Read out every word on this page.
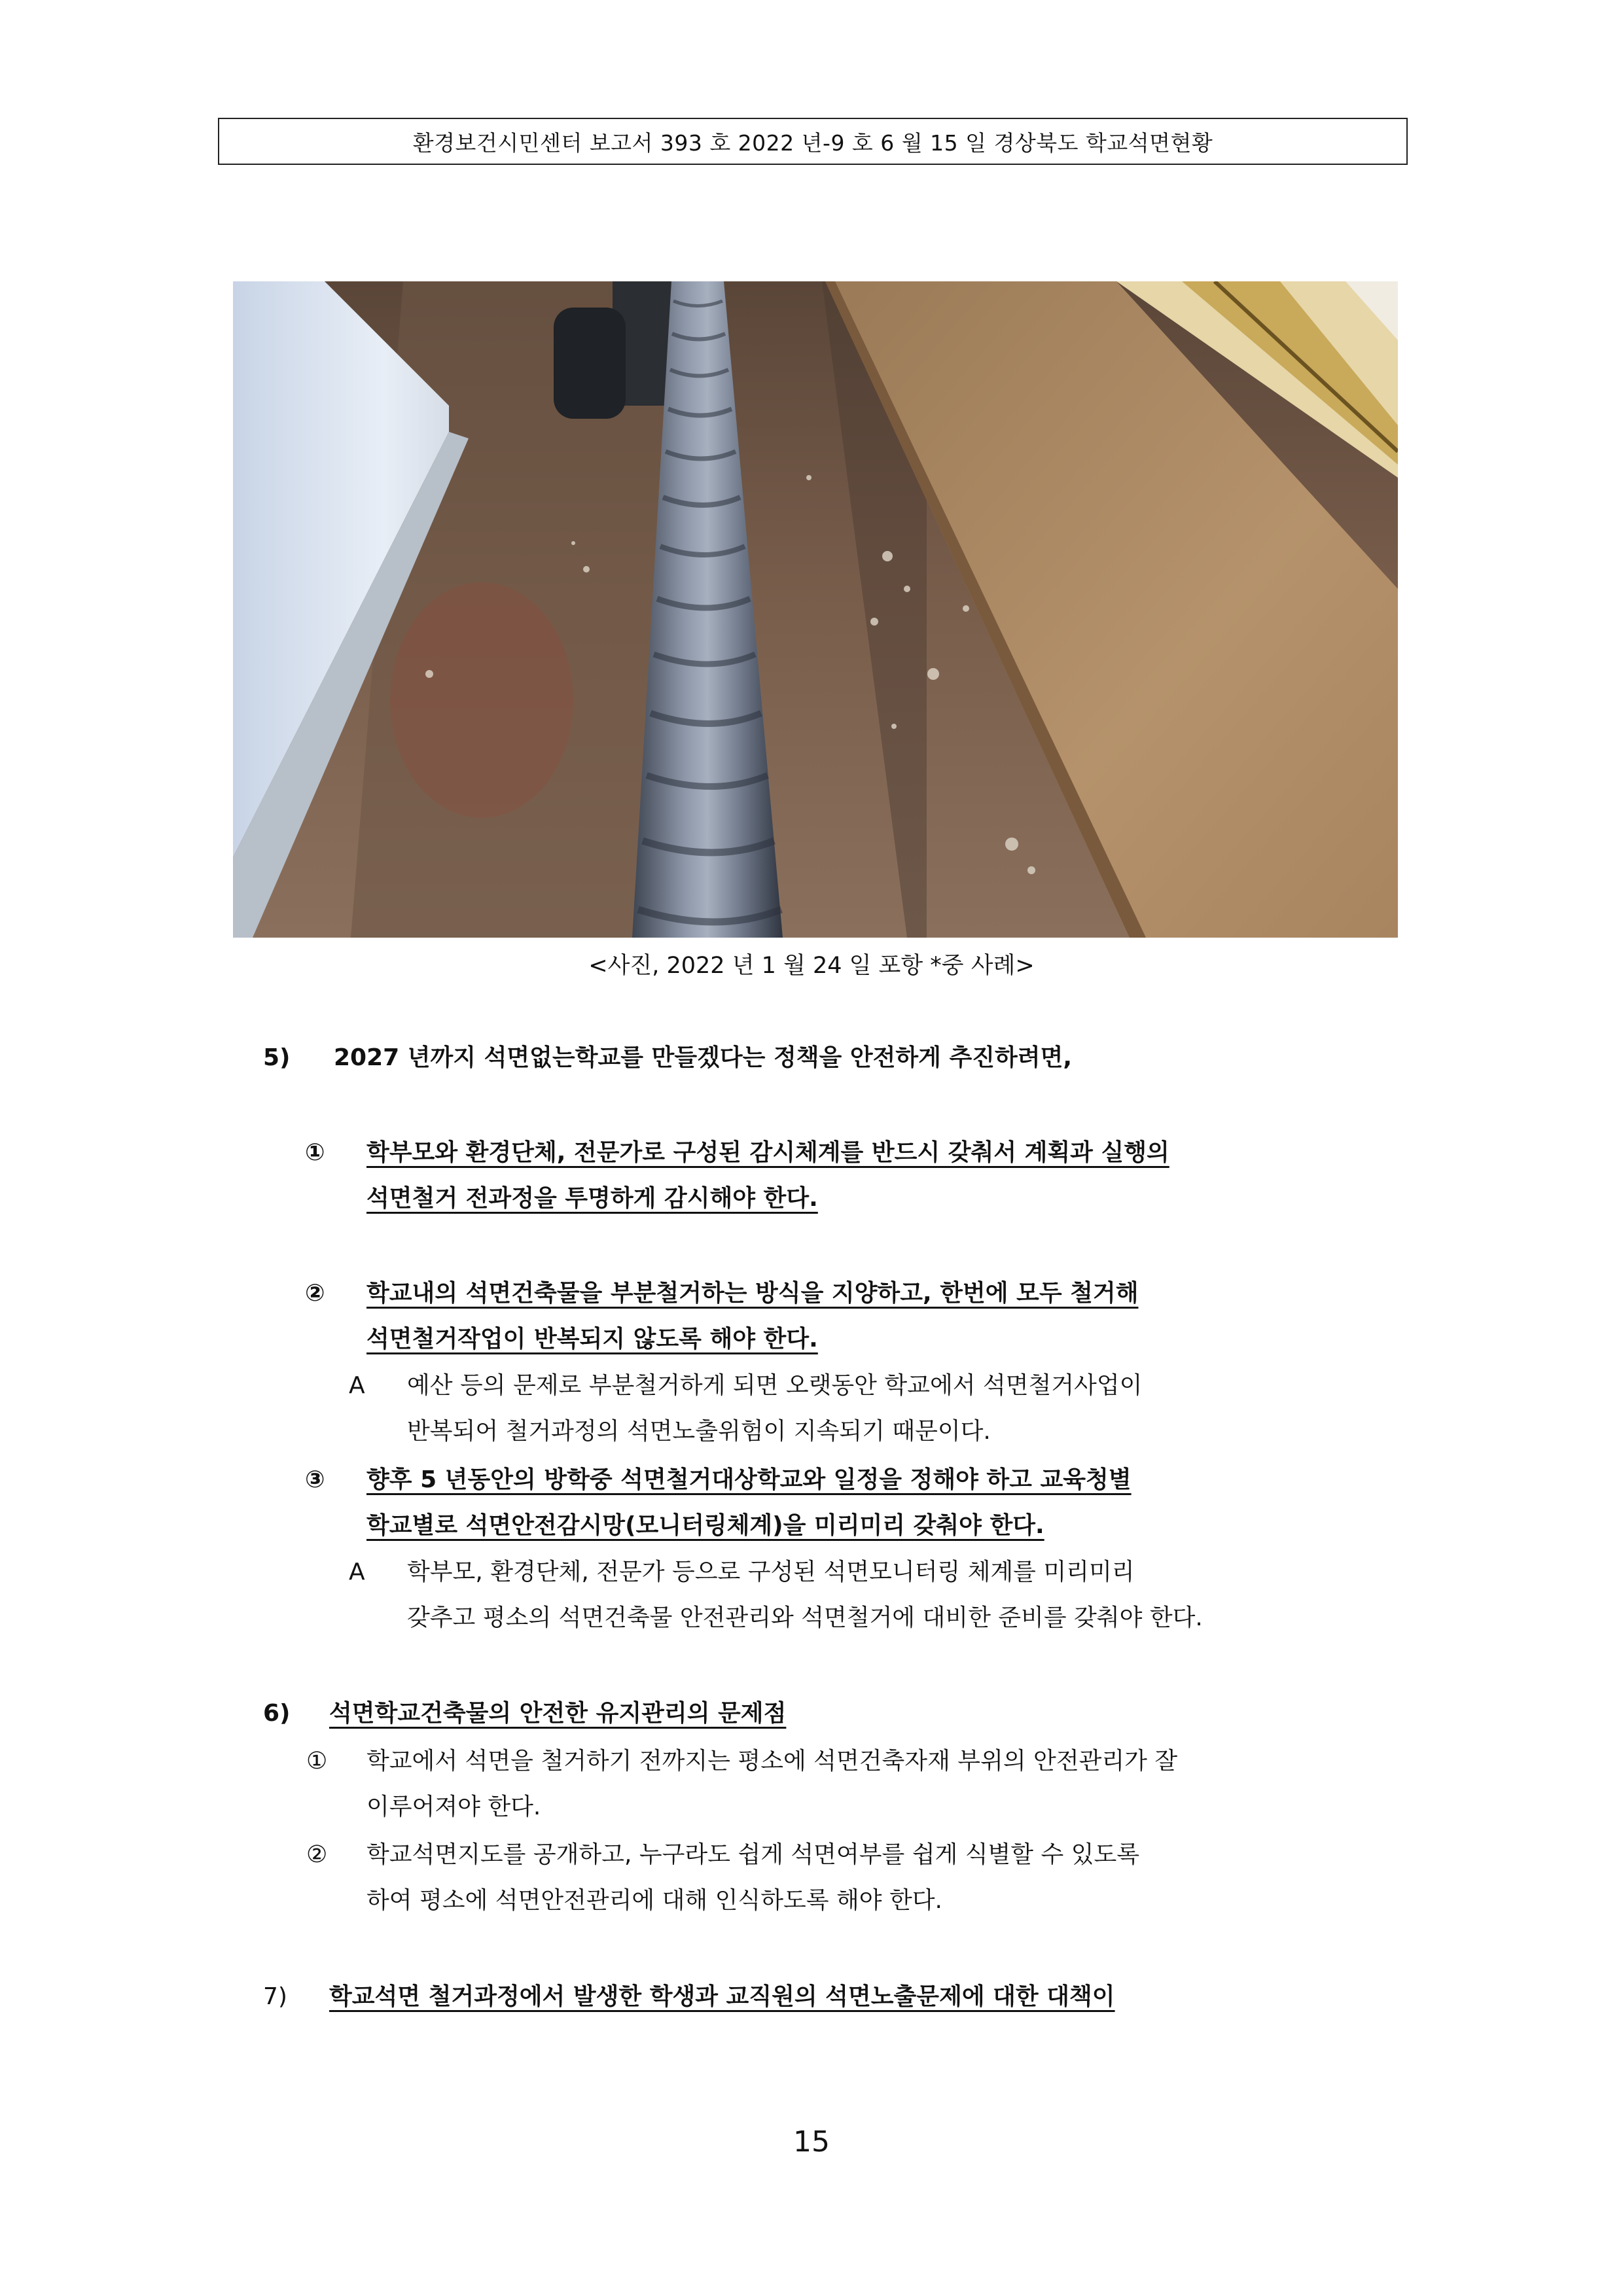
환경보건시민센터 보고서 393 호 2022 년-9 호 6 월 15 일 경상북도 학교석면현황
<사진, 2022 년 1 월 24 일 포항 *중 사례>
5) 2027 년까지 석면없는학교를 만들겠다는 정책을 안전하게 추진하려면,
① 학부모와 환경단체, 전문가로 구성된 감시체계를 반드시 갖춰서 계획과 실행의
석면철거 전과정을 투명하게 감시해야 한다.
② 학교내의 석면건축물을 부분철거하는 방식을 지양하고, 한번에 모두 철거해
석면철거작업이 반복되지 않도록 해야 한다.
A 예산 등의 문제로 부분철거하게 되면 오랫동안 학교에서 석면철거사업이
반복되어 철거과정의 석면노출위험이 지속되기 때문이다.
③ 향후 5 년동안의 방학중 석면철거대상학교와 일정을 정해야 하고 교육청별
학교별로 석면안전감시망(모니터링체계)을 미리미리 갖춰야 한다.
A 학부모, 환경단체, 전문가 등으로 구성된 석면모니터링 체계를 미리미리
갖추고 평소의 석면건축물 안전관리와 석면철거에 대비한 준비를 갖춰야 한다.
6) 석면학교건축물의 안전한 유지관리의 문제점
① 학교에서 석면을 철거하기 전까지는 평소에 석면건축자재 부위의 안전관리가 잘
이루어져야 한다.
② 학교석면지도를 공개하고, 누구라도 쉽게 석면여부를 쉽게 식별할 수 있도록
하여 평소에 석면안전관리에 대해 인식하도록 해야 한다.
7) 학교석면 철거과정에서 발생한 학생과 교직원의 석면노출문제에 대한 대책이
15
